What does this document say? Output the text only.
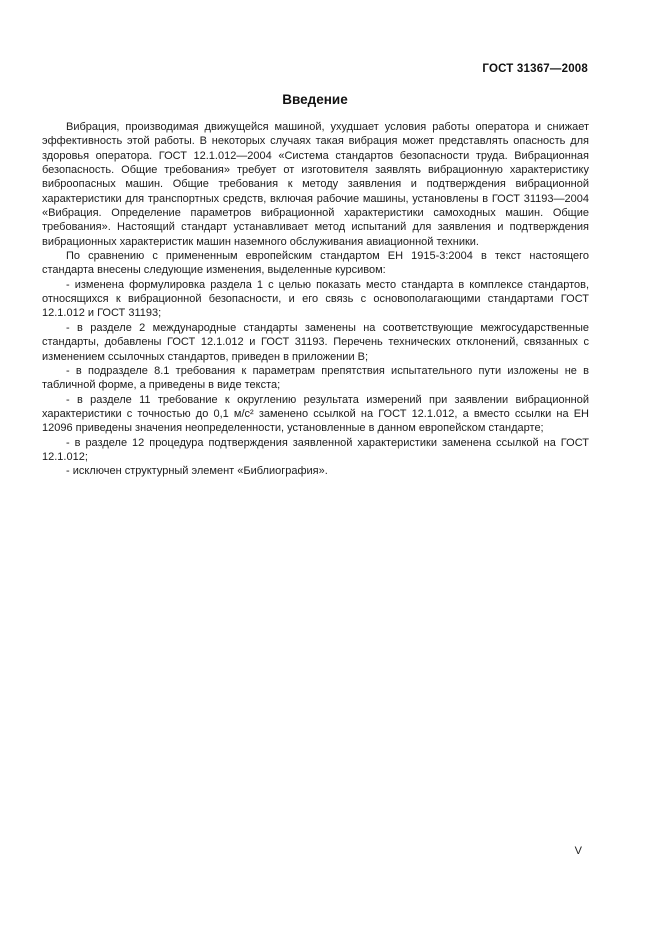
ГОСТ 31367—2008
Введение

Вибрация, производимая движущейся машиной, ухудшает условия работы оператора и снижает эффективность этой работы. В некоторых случаях такая вибрация может представлять опасность для здоровья оператора. ГОСТ 12.1.012—2004 «Система стандартов безопасности труда. Вибрационная безопасность. Общие требования» требует от изготовителя заявлять вибрационную характеристику виброопасных машин. Общие требования к методу заявления и подтверждения вибрационной характеристики для транспортных средств, включая рабочие машины, установлены в ГОСТ 31193—2004 «Вибрация. Определение параметров вибрационной характеристики самоходных машин. Общие требования». Настоящий стандарт устанавливает метод испытаний для заявления и подтверждения вибрационных характеристик машин наземного обслуживания авиационной техники.

По сравнению с примененным европейским стандартом ЕН 1915-3:2004 в текст настоящего стандарта внесены следующие изменения, выделенные курсивом:

- изменена формулировка раздела 1 с целью показать место стандарта в комплексе стандартов, относящихся к вибрационной безопасности, и его связь с основополагающими стандартами ГОСТ 12.1.012 и ГОСТ 31193;

- в разделе 2 международные стандарты заменены на соответствующие межгосударственные стандарты, добавлены ГОСТ 12.1.012 и ГОСТ 31193. Перечень технических отклонений, связанных с изменением ссылочных стандартов, приведен в приложении В;

- в подразделе 8.1 требования к параметрам препятствия испытательного пути изложены не в табличной форме, а приведены в виде текста;

- в разделе 11 требование к округлению результата измерений при заявлении вибрационной характеристики с точностью до 0,1 м/с² заменено ссылкой на ГОСТ 12.1.012, а вместо ссылки на ЕН 12096 приведены значения неопределенности, установленные в данном европейском стандарте;

- в разделе 12 процедура подтверждения заявленной характеристики заменена ссылкой на ГОСТ 12.1.012;

- исключен структурный элемент «Библиография».

V
